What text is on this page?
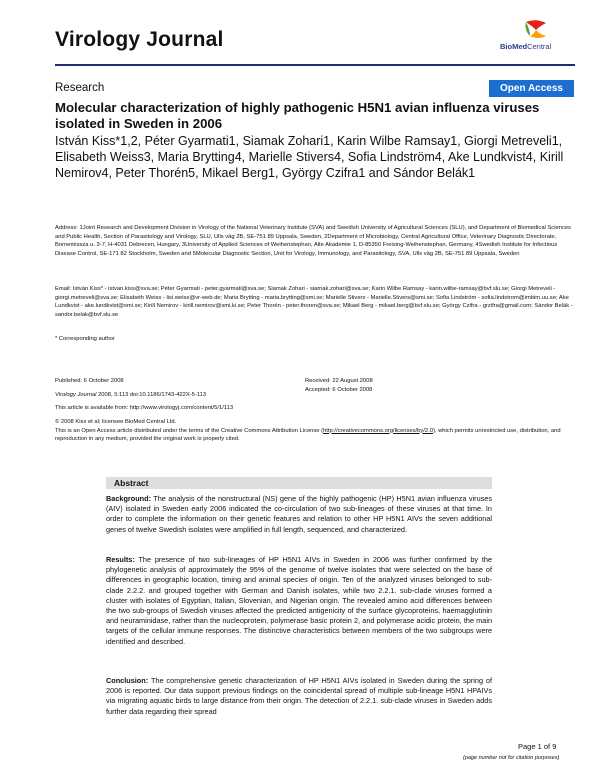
Virology Journal	BioMedCentral
Research	Open Access
Molecular characterization of highly pathogenic H5N1 avian influenza viruses isolated in Sweden in 2006
István Kiss*1,2, Péter Gyarmati1, Siamak Zohari1, Karin Wilbe Ramsay1, Giorgi Metreveli1, Elisabeth Weiss3, Maria Brytting4, Marielle Stivers4, Sofia Lindström4, Ake Lundkvist4, Kirill Nemirov4, Peter Thorén5, Mikael Berg1, György Czifra1 and Sándor Belák1
Address: 1Joint Research and Development Division in Virology of the National Veterinary Institute (SVA) and Swedish University of Agricultural Sciences (SLU), and Department of Biomedical Sciences and Public Health, Section of Parasitology and Virology, SLU, Ulls väg 2B, SE-751 89 Uppsala, Sweden, 2Department of Microbiology, Central Agricultural Office, Veterinary Diagnostic Directorate, Bornemissza u. 3-7, H-4031 Debrecen, Hungary, 3University of Applied Sciences of Weihenstephan, Alte Akademie 1, D-85350 Freising-Weihenstephan, Germany, 4Swedish Institute for Infectious Disease Control, SE-171 82 Stockholm, Sweden and 5Molecular Diagnostic Section, Unit for Virology, Immunology, and Parasitology, SVA, Ulls väg 2B, SE-751 89 Uppsala, Sweden
Email: István Kiss* - istvan.kiss@sva.se; Péter Gyarmati - peter.gyarmati@sva.se; Siamak Zohari - siamak.zohari@sva.se; Karin Wilbe Ramsay - karin.wilbe-ramsay@bvf.slu.se; Giorgi Metreveli - giorgi.metreveli@sva.se; Elisabeth Weiss - lisi.weiss@vr-web.de; Maria Brytting - maria.brytting@smi.se; Marielle Stivers - Marielle.Stivers@smi.se; Sofia Lindström - sofia.lindstrom@imbim.uu.se; Ake Lundkvist - ake.lundkvist@smi.se; Kirill Nemirov - kirill.nemirov@smi.ki.se; Peter Thorén - peter.thoren@sva.se; Mikael Berg - mikael.berg@bvf.slu.se; György Czifra - grzifra@gmail.com; Sándor Belák - sandor.belak@bvf.slu.se
* Corresponding author
Published: 6 October 2008
Virology Journal 2008, 5:113 doi:10.1186/1743-422X-5-113
This article is available from: http://www.virologyj.com/content/5/1/113
Received: 22 August 2008
Accepted: 6 October 2008
© 2008 Kiss et al; licensee BioMed Central Ltd.
This is an Open Access article distributed under the terms of the Creative Commons Attribution License (http://creativecommons.org/licenses/by/2.0), which permits unrestricted use, distribution, and reproduction in any medium, provided the original work is properly cited.
Abstract
Background: The analysis of the nonstructural (NS) gene of the highly pathogenic (HP) H5N1 avian influenza viruses (AIV) isolated in Sweden early 2006 indicated the co-circulation of two sub-lineages of these viruses at that time. In order to complete the information on their genetic features and relation to other HP H5N1 AIVs the seven additional genes of twelve Swedish isolates were amplified in full length, sequenced, and characterized.
Results: The presence of two sub-lineages of HP H5N1 AIVs in Sweden in 2006 was further confirmed by the phylogenetic analysis of approximately the 95% of the genome of twelve isolates that were selected on the base of differences in geographic location, timing and animal species of origin. Ten of the analyzed viruses belonged to sub-clade 2.2.2. and grouped together with German and Danish isolates, while two 2.2.1. sub-clade viruses formed a cluster with isolates of Egyptian, Italian, Slovenian, and Nigerian origin. The revealed amino acid differences between the two sub-groups of Swedish viruses affected the predicted antigenicity of the surface glycoproteins, haemagglutinin and neuraminidase, rather than the nucleoprotein, polymerase basic protein 2, and polymerase acidic protein, the main targets of the cellular immune responses. The distinctive characteristics between members of the two subgroups were identified and described.
Conclusion: The comprehensive genetic characterization of HP H5N1 AIVs isolated in Sweden during the spring of 2006 is reported. Our data support previous findings on the coincidental spread of multiple sub-lineage H5N1 HPAIVs via migrating aquatic birds to large distance from their origin. The detection of 2.2.1. sub-clade viruses in Sweden adds further data regarding their spread
Page 1 of 9
(page number not for citation purposes)
